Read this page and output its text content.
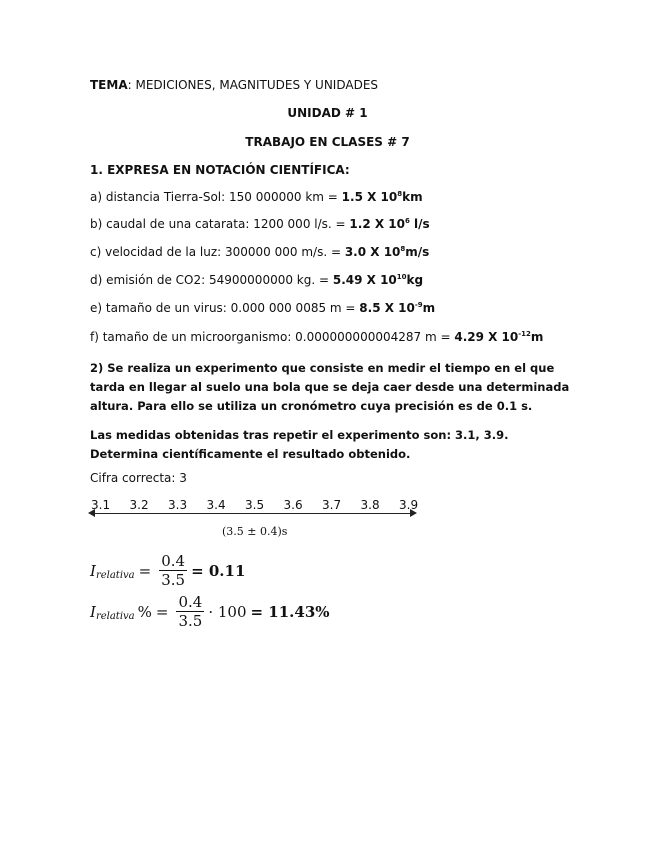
TEMA: MEDICIONES, MAGNITUDES Y UNIDADES
UNIDAD # 1
TRABAJO EN CLASES # 7
1. EXPRESA EN NOTACIÓN CIENTÍFICA:
a) distancia Tierra-Sol: 150 000000 km = 1.5 X $10^8km$
b) caudal de una catarata: 1200 000 l/s. = 1.2 X $10^6$ l/s
c) velocidad de la luz: 300000 000 m/s. = 3.0 X $10^8m/s$
d) emisión de CO2: 54900000000 kg. = 5.49 X $10^{10}kg$
e) tamaño de un virus: 0.000 000 0085 m = 8.5 X $10^{-9}m$
f) tamaño de un microorganismo: 0.000000000004287 m = 4.29 X $10^{-12}m$
2) Se realiza un experimento que consiste en medir el tiempo en el que
tarda en llegar al suelo una bola que se deja caer desde una determinada
altura. Para ello se utiliza un cronómetro cuya precisión es de 0.1 s.
Las medidas obtenidas tras repetir el experimento son: 3.1, 3.9.
Determina científicamente el resultado obtenido.
Cifra correcta: 3
3.1 3.2 3.3 3.4 3.5 3.6 3.7 3.8 3.9
(3.5 ± 0.4)s
I relativa = $\frac{0.4}{3.5} = 0.11$
I relativa % = $\frac{0.4}{3.5} \cdot 100 = 11.43\%$
